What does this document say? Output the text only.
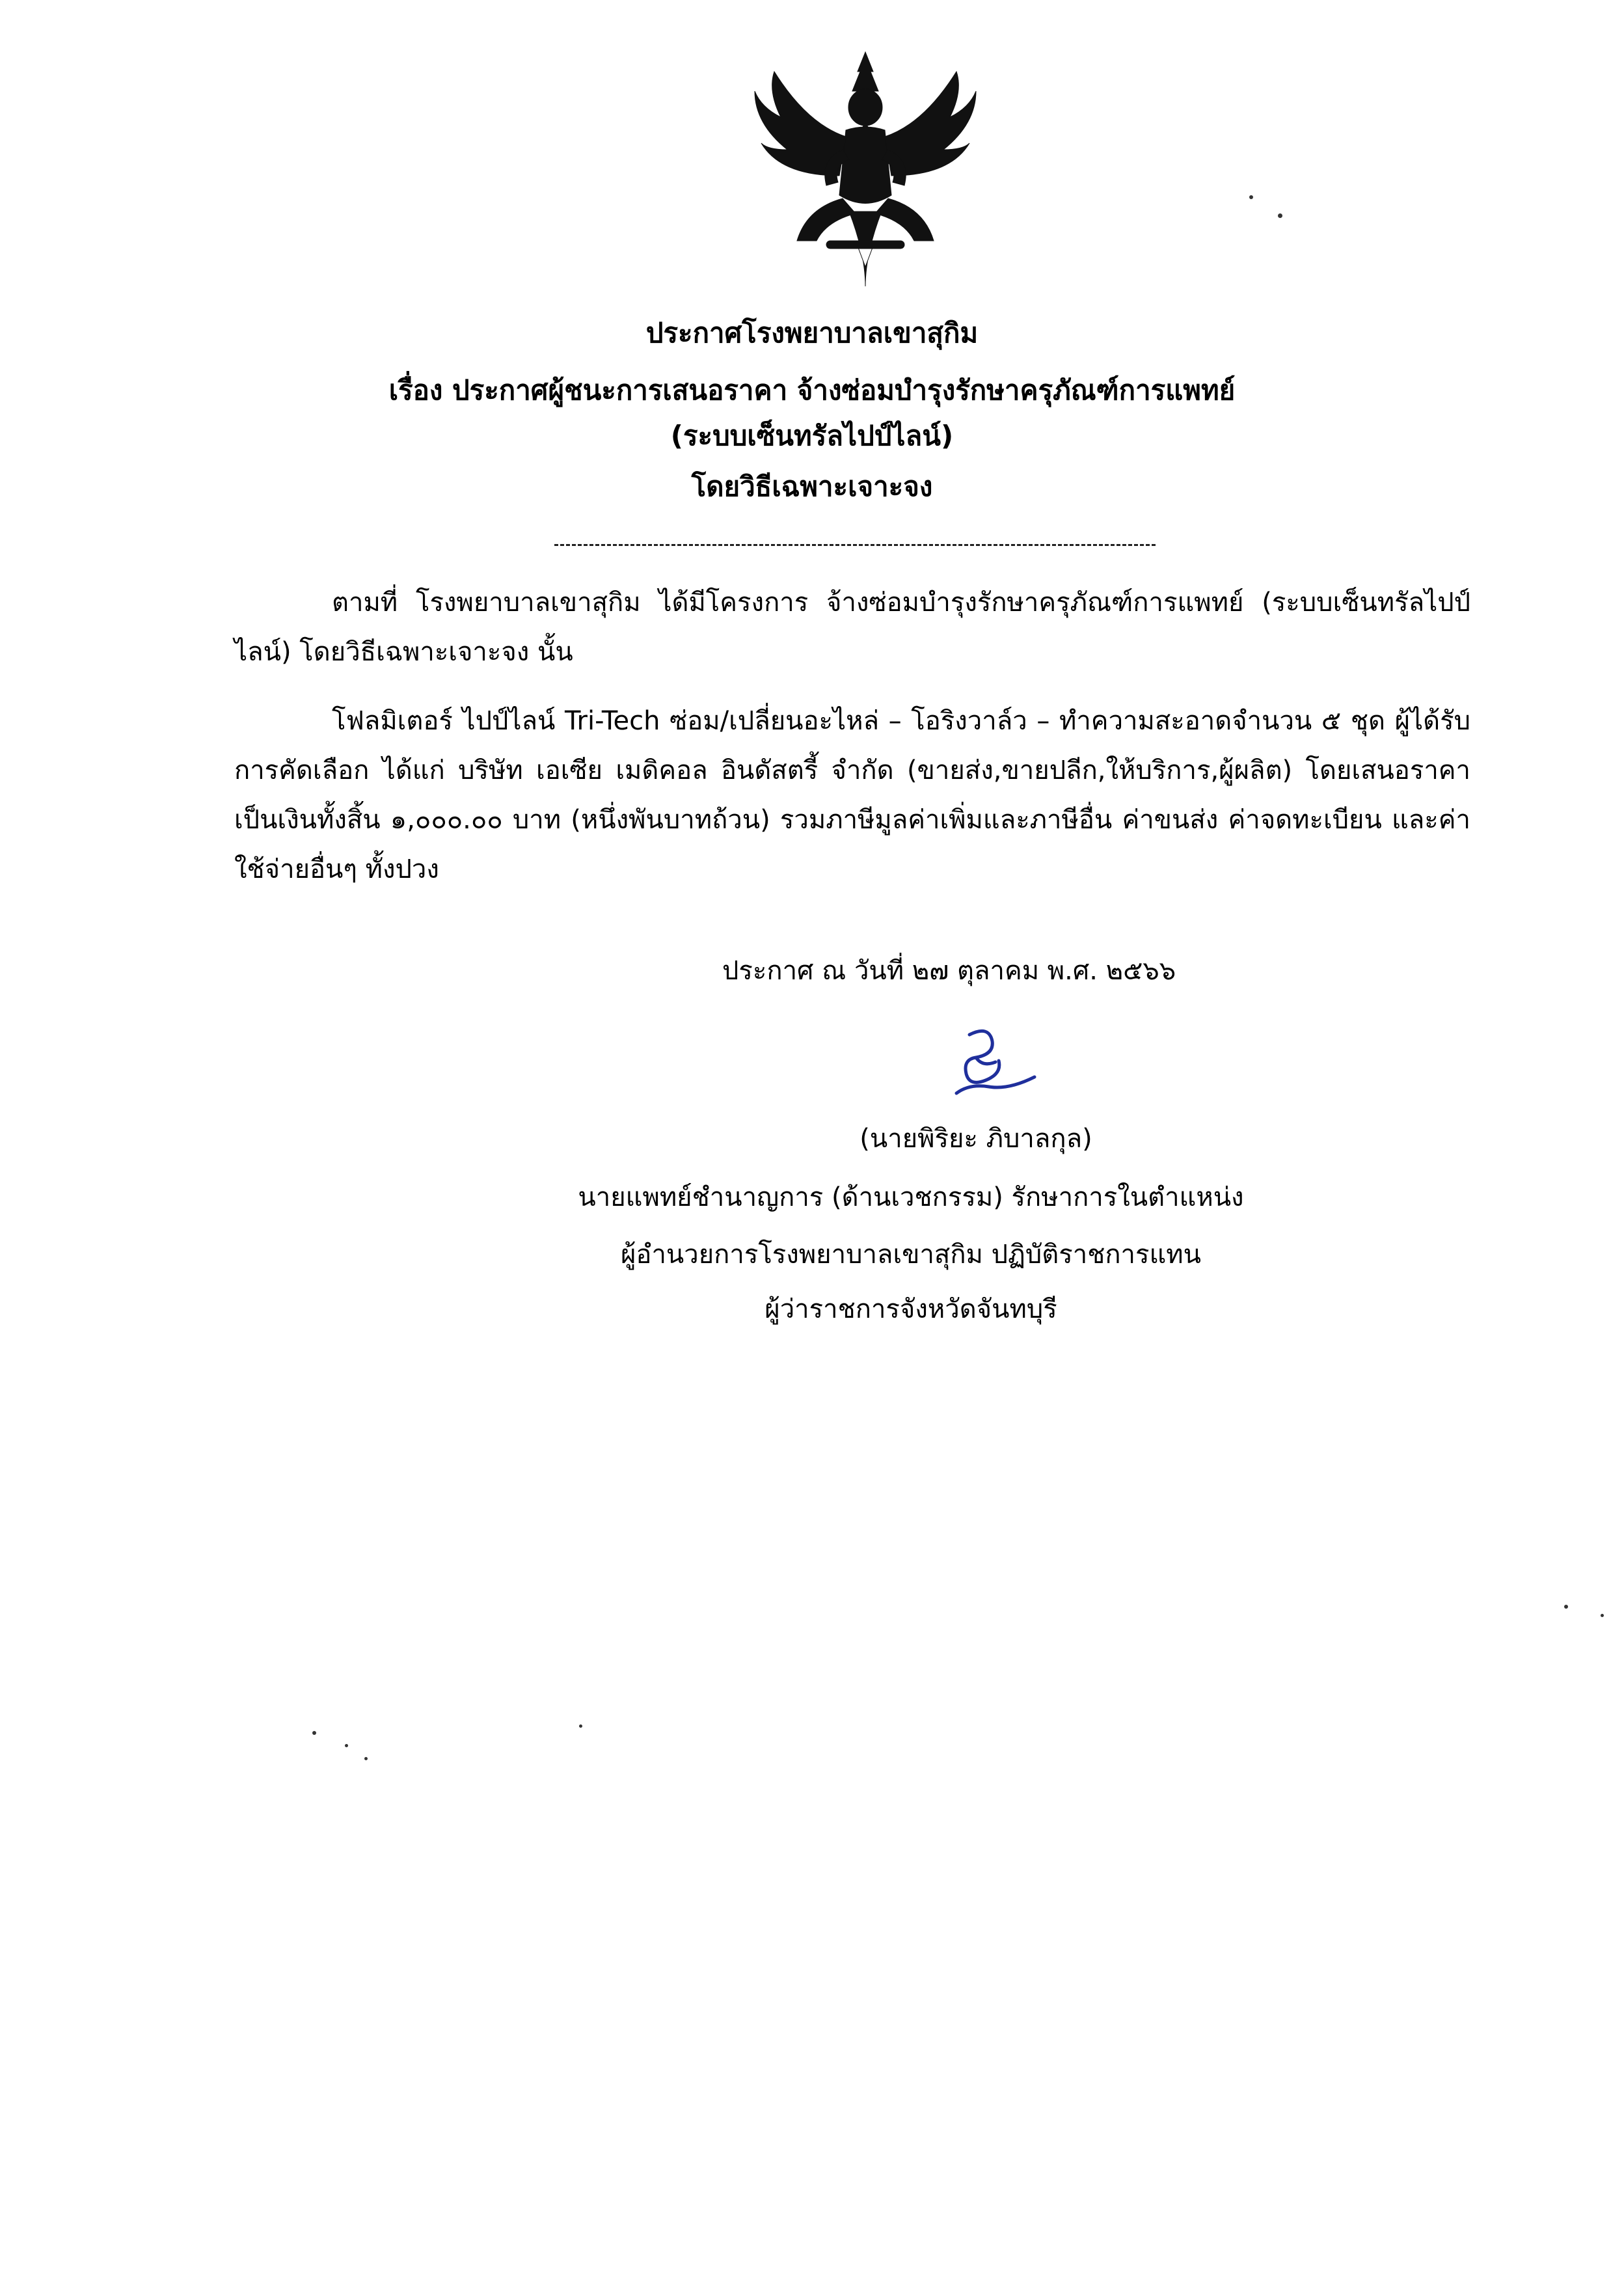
ประกาศโรงพยาบาลเขาสุกิม
เรื่อง ประกาศผู้ชนะการเสนอราคา จ้างซ่อมบำรุงรักษาครุภัณฑ์การแพทย์
(ระบบเซ็นทรัลไปป์ไลน์)
โดยวิธีเฉพาะเจาะจง
ตามที่ โรงพยาบาลเขาสุกิม ได้มีโครงการ จ้างซ่อมบำรุงรักษาครุภัณฑ์การแพทย์ (ระบบเซ็นทรัลไปป์ไลน์) โดยวิธีเฉพาะเจาะจง นั้น
โฟลมิเตอร์ ไปป์ไลน์ Tri-Tech ซ่อม/เปลี่ยนอะไหล่ – โอริงวาล์ว – ทำความสะอาดจำนวน ๕ ชุด ผู้ได้รับการคัดเลือก ได้แก่ บริษัท เอเซีย เมดิคอล อินดัสตรี้ จำกัด (ขายส่ง,ขายปลีก,ให้บริการ,ผู้ผลิต) โดยเสนอราคา เป็นเงินทั้งสิ้น ๑,๐๐๐.๐๐ บาท (หนึ่งพันบาทถ้วน) รวมภาษีมูลค่าเพิ่มและภาษีอื่น ค่าขนส่ง ค่าจดทะเบียน และค่าใช้จ่ายอื่นๆ ทั้งปวง
ประกาศ ณ วันที่ ๒๗ ตุลาคม พ.ศ. ๒๕๖๖
(นายพิริยะ ภิบาลกุล)
นายแพทย์ชำนาญการ (ด้านเวชกรรม) รักษาการในตำแหน่ง
ผู้อำนวยการโรงพยาบาลเขาสุกิม ปฏิบัติราชการแทน
ผู้ว่าราชการจังหวัดจันทบุรี
